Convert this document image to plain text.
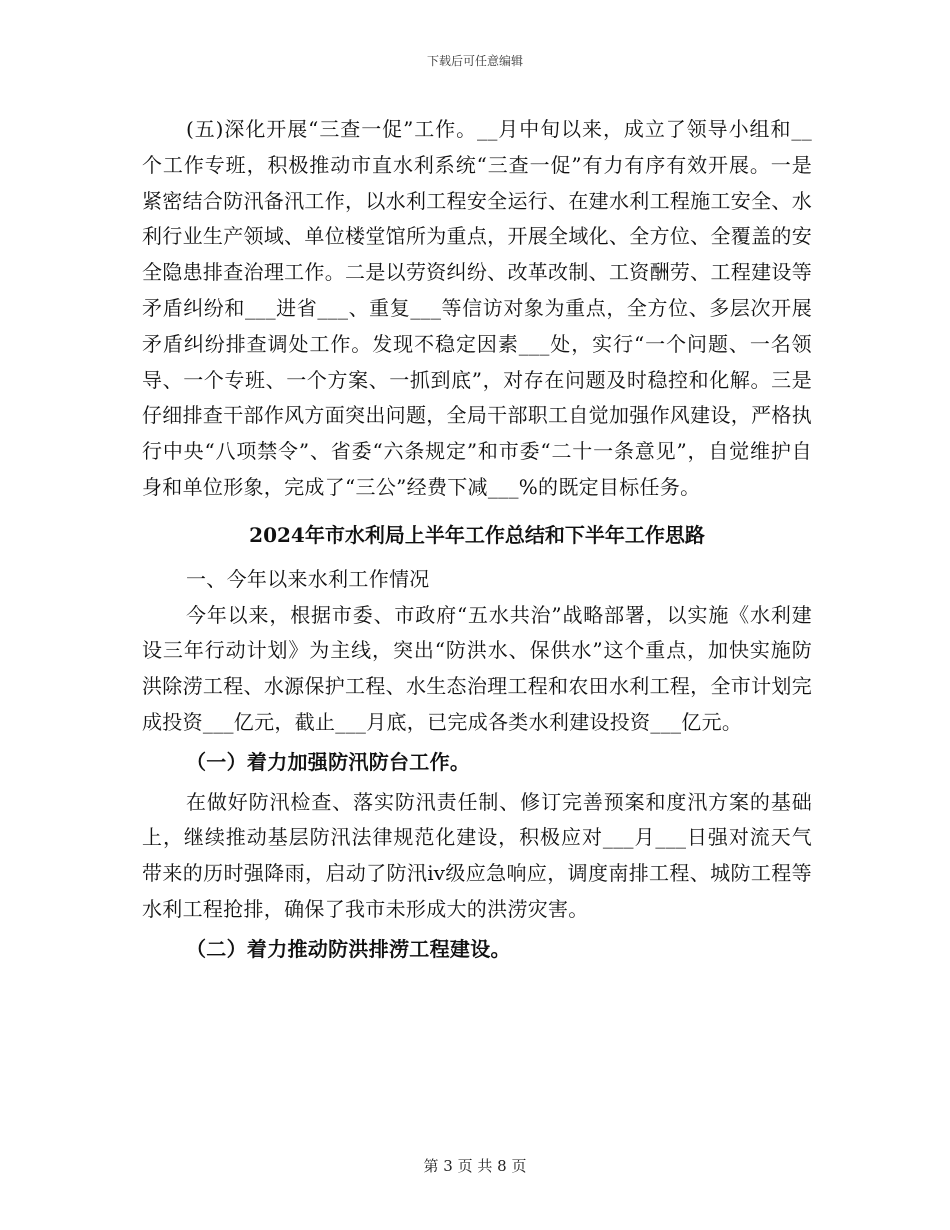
下载后可任意编辑

(五)深化开展“三查一促”工作。__月中旬以来，成立了领导小组和__个工作专班，积极推动市直水利系统“三查一促”有力有序有效开展。一是紧密结合防汛备汛工作，以水利工程安全运行、在建水利工程施工安全、水利行业生产领域、单位楼堂馆所为重点，开展全域化、全方位、全覆盖的安全隐患排查治理工作。二是以劳资纠纷、改革改制、工资酬劳、工程建设等矛盾纠纷和___进省___、重复___等信访对象为重点，全方位、多层次开展矛盾纠纷排查调处工作。发现不稳定因素___处，实行“一个问题、一名领导、一个专班、一个方案、一抓到底”，对存在问题及时稳控和化解。三是仔细排查干部作风方面突出问题，全局干部职工自觉加强作风建设，严格执行中央“八项禁令”、省委“六条规定”和市委“二十一条意见”，自觉维护自身和单位形象，完成了“三公”经费下减___%的既定目标任务。

2024年市水利局上半年工作总结和下半年工作思路

一、今年以来水利工作情况

今年以来，根据市委、市政府“五水共治”战略部署，以实施《水利建设三年行动计划》为主线，突出“防洪水、保供水”这个重点，加快实施防洪除涝工程、水源保护工程、水生态治理工程和农田水利工程，全市计划完成投资___亿元，截止___月底，已完成各类水利建设投资___亿元。

（一）着力加强防汛防台工作。

在做好防汛检查、落实防汛责任制、修订完善预案和度汛方案的基础上，继续推动基层防汛法律规范化建设，积极应对___月___日强对流天气带来的历时强降雨，启动了防汛ⅳ级应急响应，调度南排工程、城防工程等水利工程抢排，确保了我市未形成大的洪涝灾害。

（二）着力推动防洪排涝工程建设。

第 3 页 共 8 页
